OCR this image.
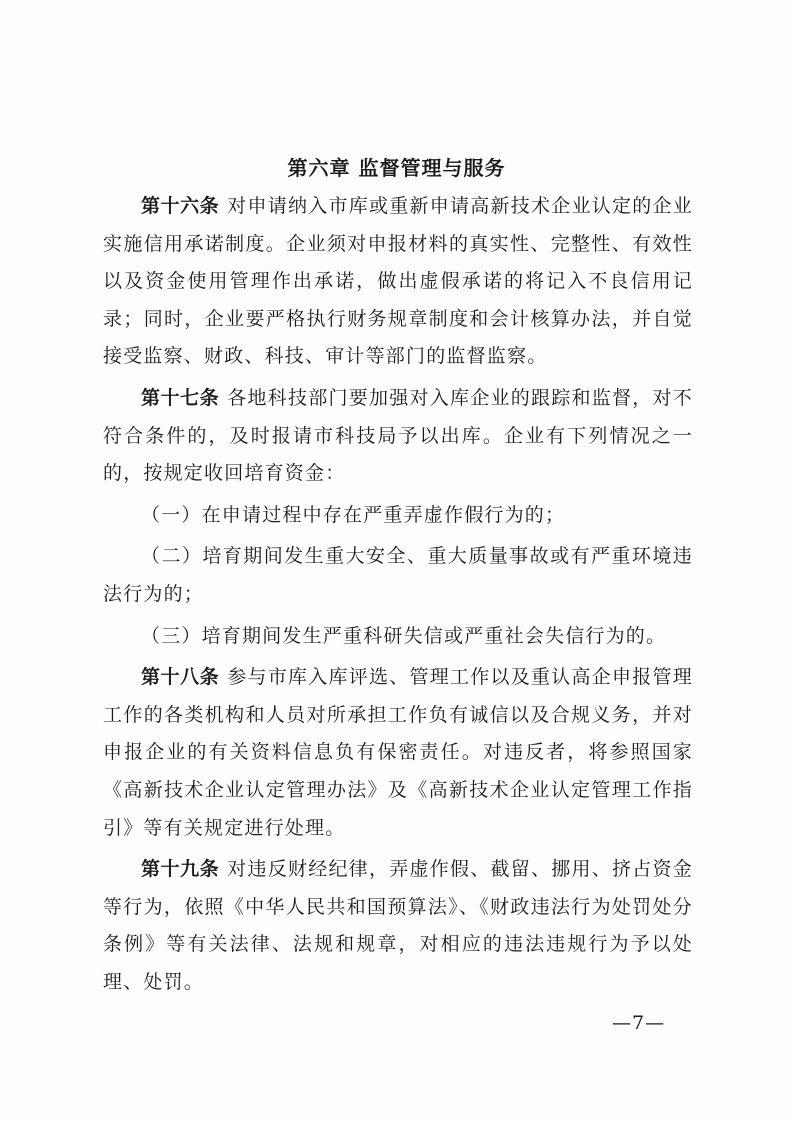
第六章 监督管理与服务

第十六条 对申请纳入市库或重新申请高新技术企业认定的企业实施信用承诺制度。企业须对申报材料的真实性、完整性、有效性以及资金使用管理作出承诺，做出虚假承诺的将记入不良信用记录；同时，企业要严格执行财务规章制度和会计核算办法，并自觉接受监察、财政、科技、审计等部门的监督监察。

第十七条 各地科技部门要加强对入库企业的跟踪和监督，对不符合条件的，及时报请市科技局予以出库。企业有下列情况之一的，按规定收回培育资金：

（一）在申请过程中存在严重弄虚作假行为的；

（二）培育期间发生重大安全、重大质量事故或有严重环境违法行为的；

（三）培育期间发生严重科研失信或严重社会失信行为的。

第十八条 参与市库入库评选、管理工作以及重认高企申报管理工作的各类机构和人员对所承担工作负有诚信以及合规义务，并对申报企业的有关资料信息负有保密责任。对违反者，将参照国家《高新技术企业认定管理办法》及《高新技术企业认定管理工作指引》等有关规定进行处理。

第十九条 对违反财经纪律，弄虚作假、截留、挪用、挤占资金等行为，依照《中华人民共和国预算法》、《财政违法行为处罚处分条例》等有关法律、法规和规章，对相应的违法违规行为予以处理、处罚。

—7—
